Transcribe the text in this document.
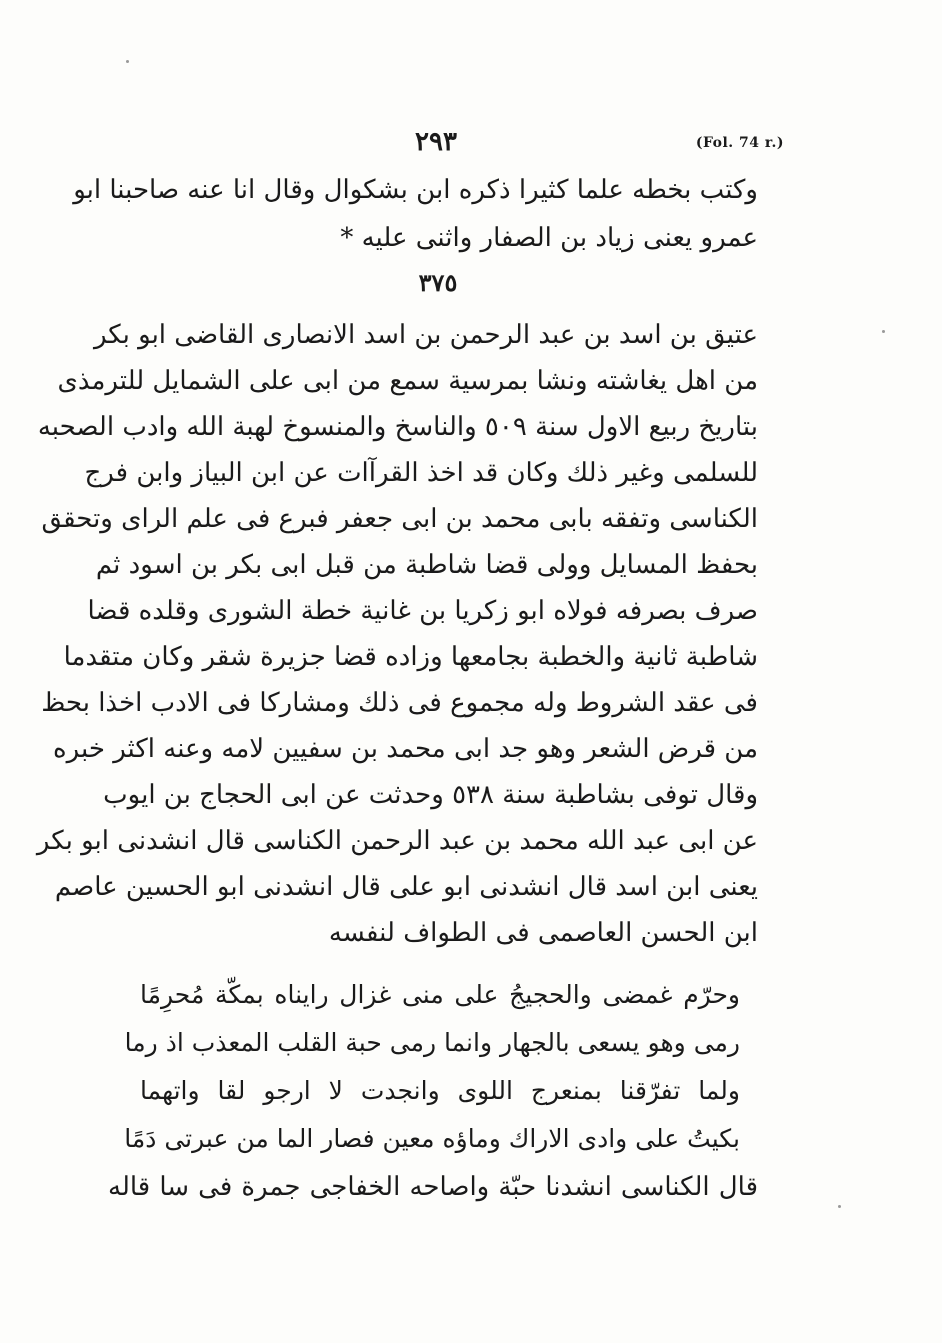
(Fol. 74 r.)
٢٩٣
وكتب بخطه علما كثيرا ذكره ابن بشكوال وقال انا عنه صاحبنا ابو
عمرو يعنى زياد بن الصفار واثنى عليه *
٣٧٥
عتيق بن اسد بن عبد الرحمن بن اسد الانصارى القاضى ابو بكر
من اهل يغاشته ونشا بمرسية سمع من ابى على الشمايل للترمذى
بتاريخ ربيع الاول سنة ٥٠٩ والناسخ والمنسوخ لهبة الله وادب الصحبه
للسلمى وغير ذلك وكان قد اخذ القرآات عن ابن البياز وابن فرج
الكناسى وتفقه بابى محمد بن ابى جعفر فبرع فى علم الراى وتحقق
بحفظ المسايل وولى قضا شاطبة من قبل ابى بكر بن اسود ثم
صرف بصرفه فولاه ابو زكريا بن غانية خطة الشورى وقلده قضا
شاطبة ثانية والخطبة بجامعها وزاده قضا جزيرة شقر وكان متقدما
فى عقد الشروط وله مجموع فى ذلك ومشاركا فى الادب اخذا بحظ
من قرض الشعر وهو جد ابى محمد بن سفيين لامه وعنه اكثر خبره
وقال توفى بشاطبة سنة ٥٣٨ وحدثت عن ابى الحجاج بن ايوب
عن ابى عبد الله محمد بن عبد الرحمن الكناسى قال انشدنى ابو بكر
يعنى ابن اسد قال انشدنى ابو على قال انشدنى ابو الحسين عاصم
ابن الحسن العاصمى فى الطواف لنفسه
وحرّم غمضى والحجيجُ على منى غزال رايناه بمكّة مُحرِمًا
رمى وهو يسعى بالجهار وانما رمى حبة القلب المعذب اذ رما
ولما تفرّقنا بمنعرج اللوى وانجدت لا ارجو لقا واتهما
بكيتُ على وادى الاراك وماؤه معين فصار الما من عبرتى دَمًا
قال الكناسى انشدنا حبّة واصاحه الخفاجى جمرة فى سا قاله
